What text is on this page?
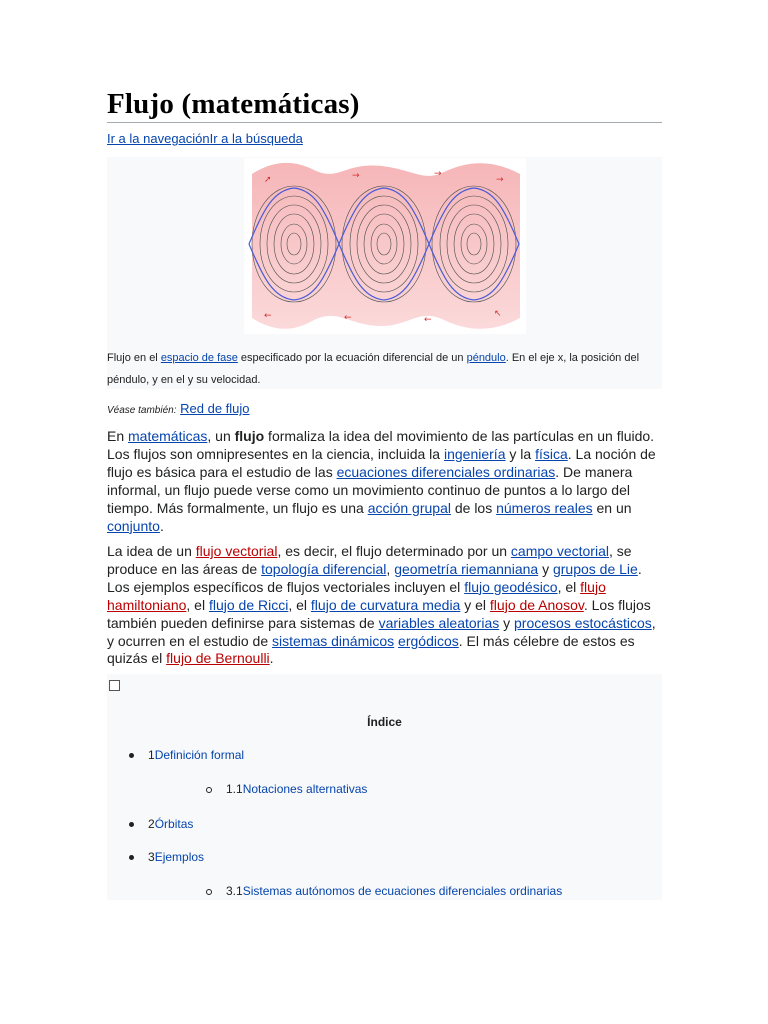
Flujo (matemáticas)
Ir a la navegaciónIr a la búsqueda
➚	→	→
→
←	←	←
↖
Flujo en el espacio de fase especificado por la ecuación diferencial de un péndulo. En el eje x, la posición del péndulo, y en el y su velocidad.
Véase también: Red de flujo

En matemáticas, un flujo formaliza la idea del movimiento de las partículas en un fluido. Los flujos son omnipresentes en la ciencia, incluida la ingeniería y la física. La noción de flujo es básica para el estudio de las ecuaciones diferenciales ordinarias. De manera informal, un flujo puede verse como un movimiento continuo de puntos a lo largo del tiempo. Más formalmente, un flujo es una acción grupal de los números reales en un conjunto.

La idea de un flujo vectorial, es decir, el flujo determinado por un campo vectorial, se produce en las áreas de topología diferencial, geometría riemanniana y grupos de Lie. Los ejemplos específicos de flujos vectoriales incluyen el flujo geodésico, el flujo hamiltoniano, el flujo de Ricci, el flujo de curvatura media y el flujo de Anosov. Los flujos también pueden definirse para sistemas de variables aleatorias y procesos estocásticos, y ocurren en el estudio de sistemas dinámicos ergódicos. El más célebre de estos es quizás el flujo de Bernoulli.

Índice
1Definición formal
1.1Notaciones alternativas
2Órbitas
3Ejemplos
3.1Sistemas autónomos de ecuaciones diferenciales ordinarias
